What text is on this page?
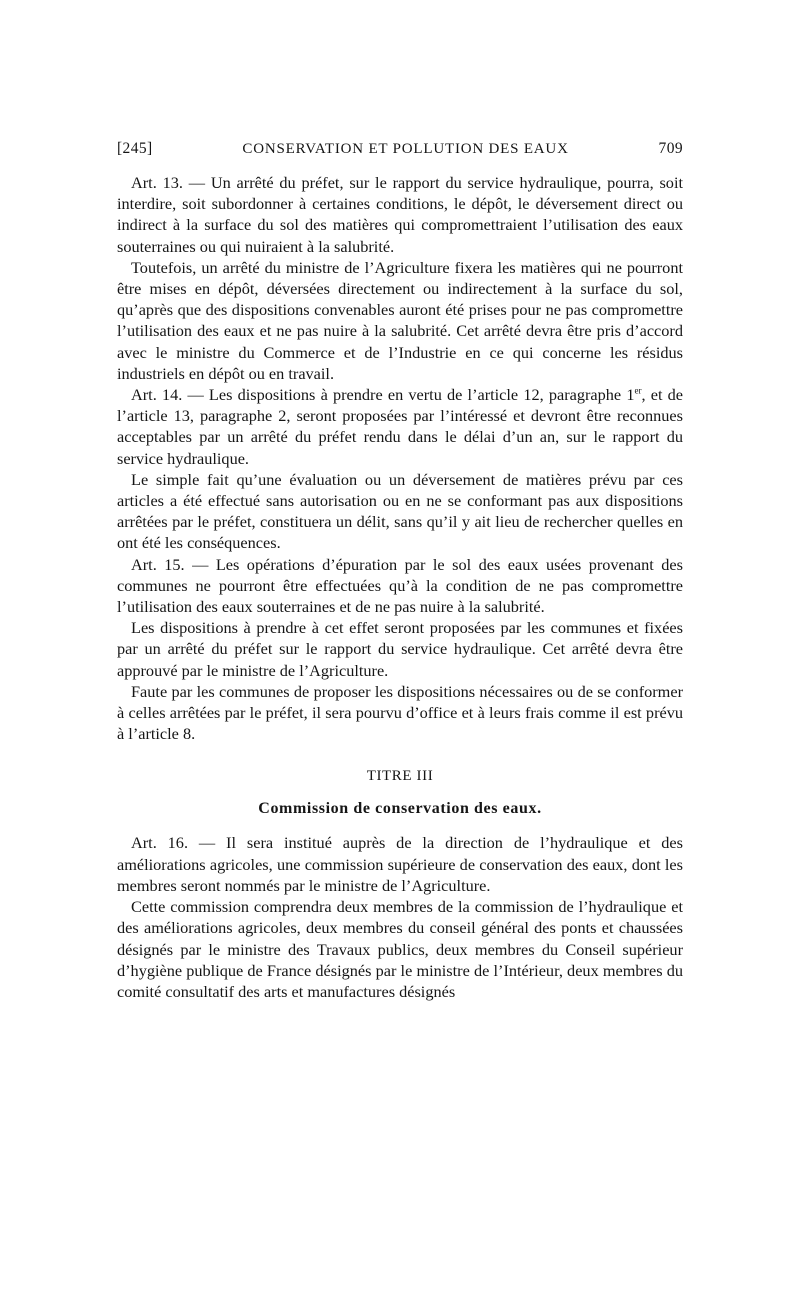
[245]	CONSERVATION ET POLLUTION DES EAUX	709

Art. 13. — Un arrêté du préfet, sur le rapport du service hydraulique, pourra, soit interdire, soit subordonner à certaines conditions, le dépôt, le déversement direct ou indirect à la surface du sol des matières qui compromettraient l’utilisation des eaux souterraines ou qui nuiraient à la salubrité.

Toutefois, un arrêté du ministre de l’Agriculture fixera les matières qui ne pourront être mises en dépôt, déversées directement ou indirectement à la surface du sol, qu’après que des dispositions convenables auront été prises pour ne pas compromettre l’utilisation des eaux et ne pas nuire à la salubrité. Cet arrêté devra être pris d’accord avec le ministre du Commerce et de l’Industrie en ce qui concerne les résidus industriels en dépôt ou en travail.

Art. 14. — Les dispositions à prendre en vertu de l’article 12, paragraphe 1er, et de l’article 13, paragraphe 2, seront proposées par l’intéressé et devront être reconnues acceptables par un arrêté du préfet rendu dans le délai d’un an, sur le rapport du service hydraulique.

Le simple fait qu’une évaluation ou un déversement de matières prévu par ces articles a été effectué sans autorisation ou en ne se conformant pas aux dispositions arrêtées par le préfet, constituera un délit, sans qu’il y ait lieu de rechercher quelles en ont été les conséquences.

Art. 15. — Les opérations d’épuration par le sol des eaux usées provenant des communes ne pourront être effectuées qu’à la condition de ne pas compromettre l’utilisation des eaux souterraines et de ne pas nuire à la salubrité.

Les dispositions à prendre à cet effet seront proposées par les communes et fixées par un arrêté du préfet sur le rapport du service hydraulique. Cet arrêté devra être approuvé par le ministre de l’Agriculture.

Faute par les communes de proposer les dispositions nécessaires ou de se conformer à celles arrêtées par le préfet, il sera pourvu d’office et à leurs frais comme il est prévu à l’article 8.

TITRE III
Commission de conservation des eaux.

Art. 16. — Il sera institué auprès de la direction de l’hydraulique et des améliorations agricoles, une commission supérieure de conservation des eaux, dont les membres seront nommés par le ministre de l’Agriculture.

Cette commission comprendra deux membres de la commission de l’hydraulique et des améliorations agricoles, deux membres du conseil général des ponts et chaussées désignés par le ministre des Travaux publics, deux membres du Conseil supérieur d’hygiène publique de France désignés par le ministre de l’Intérieur, deux membres du comité consultatif des arts et manufactures désignés
